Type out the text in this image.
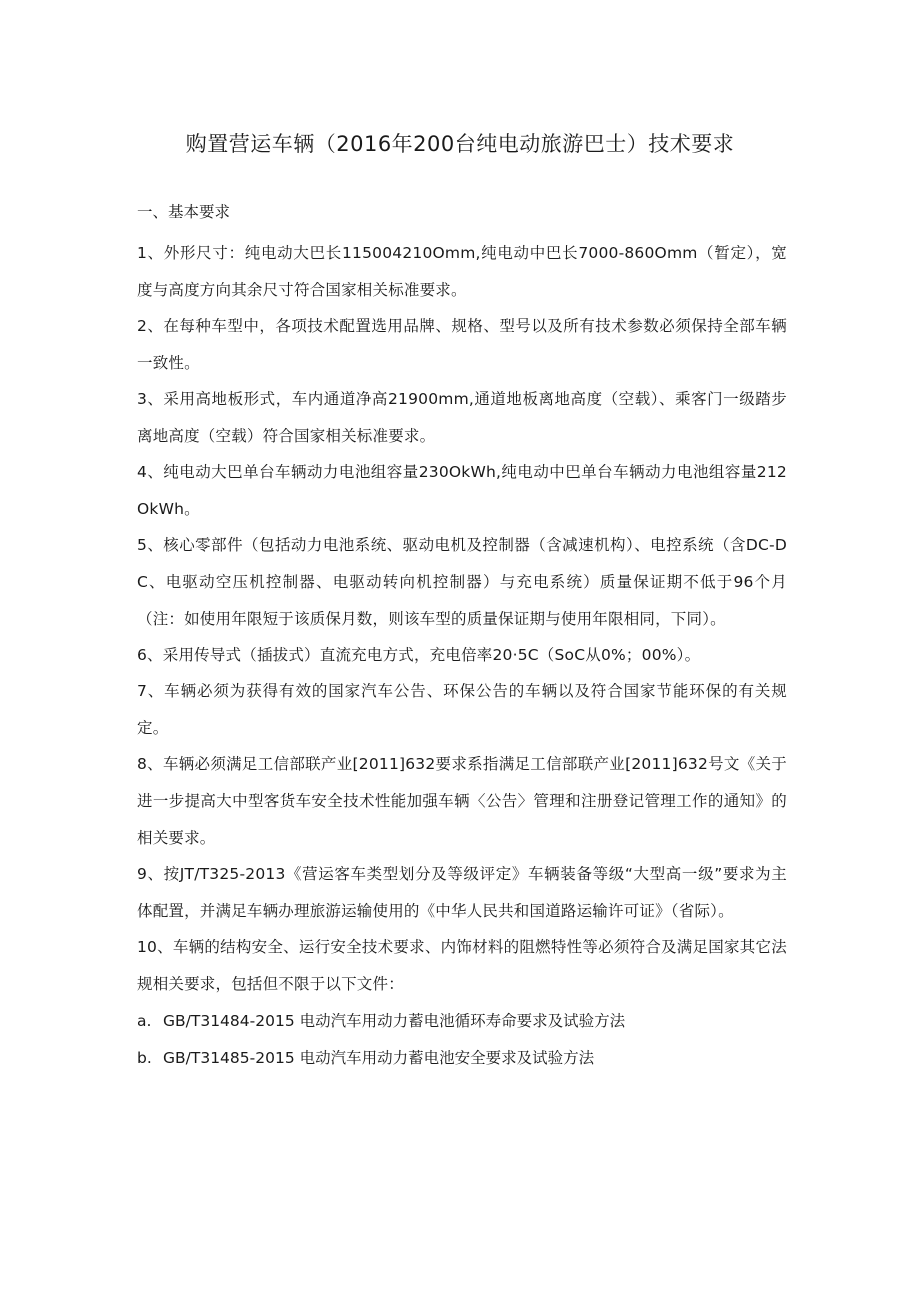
购置营运车辆（2016年200台纯电动旅游巴士）技术要求
一、基本要求

1、外形尺寸：纯电动大巴长115004210Omm,纯电动中巴长7000-860Omm（暂定），宽度与高度方向其余尺寸符合国家相关标准要求。

2、在每种车型中，各项技术配置选用品牌、规格、型号以及所有技术参数必须保持全部车辆一致性。

3、采用高地板形式，车内通道净高21900mm,通道地板离地高度（空载）、乘客门一级踏步离地高度（空载）符合国家相关标准要求。

4、纯电动大巴单台车辆动力电池组容量230OkWh,纯电动中巴单台车辆动力电池组容量212OkWh。

5、核心零部件（包括动力电池系统、驱动电机及控制器（含减速机构）、电控系统（含DC-DC、电驱动空压机控制器、电驱动转向机控制器）与充电系统）质量保证期不低于96个月（注：如使用年限短于该质保月数，则该车型的质量保证期与使用年限相同，下同）。

6、采用传导式（插拔式）直流充电方式，充电倍率20·5C（SoC从0%；00%）。

7、车辆必须为获得有效的国家汽车公告、环保公告的车辆以及符合国家节能环保的有关规定。

8、车辆必须满足工信部联产业[2011]632要求系指满足工信部联产业[2011]632号文《关于进一步提高大中型客货车安全技术性能加强车辆〈公告〉管理和注册登记管理工作的通知》的相关要求。

9、按JT/T325-2013《营运客车类型划分及等级评定》车辆装备等级“大型高一级”要求为主体配置，并满足车辆办理旅游运输使用的《中华人民共和国道路运输许可证》（省际）。

10、车辆的结构安全、运行安全技术要求、内饰材料的阻燃特性等必须符合及满足国家其它法规相关要求，包括但不限于以下文件：

a. GB/T31484-2015 电动汽车用动力蓄电池循环寿命要求及试验方法
b. GB/T31485-2015 电动汽车用动力蓄电池安全要求及试验方法
